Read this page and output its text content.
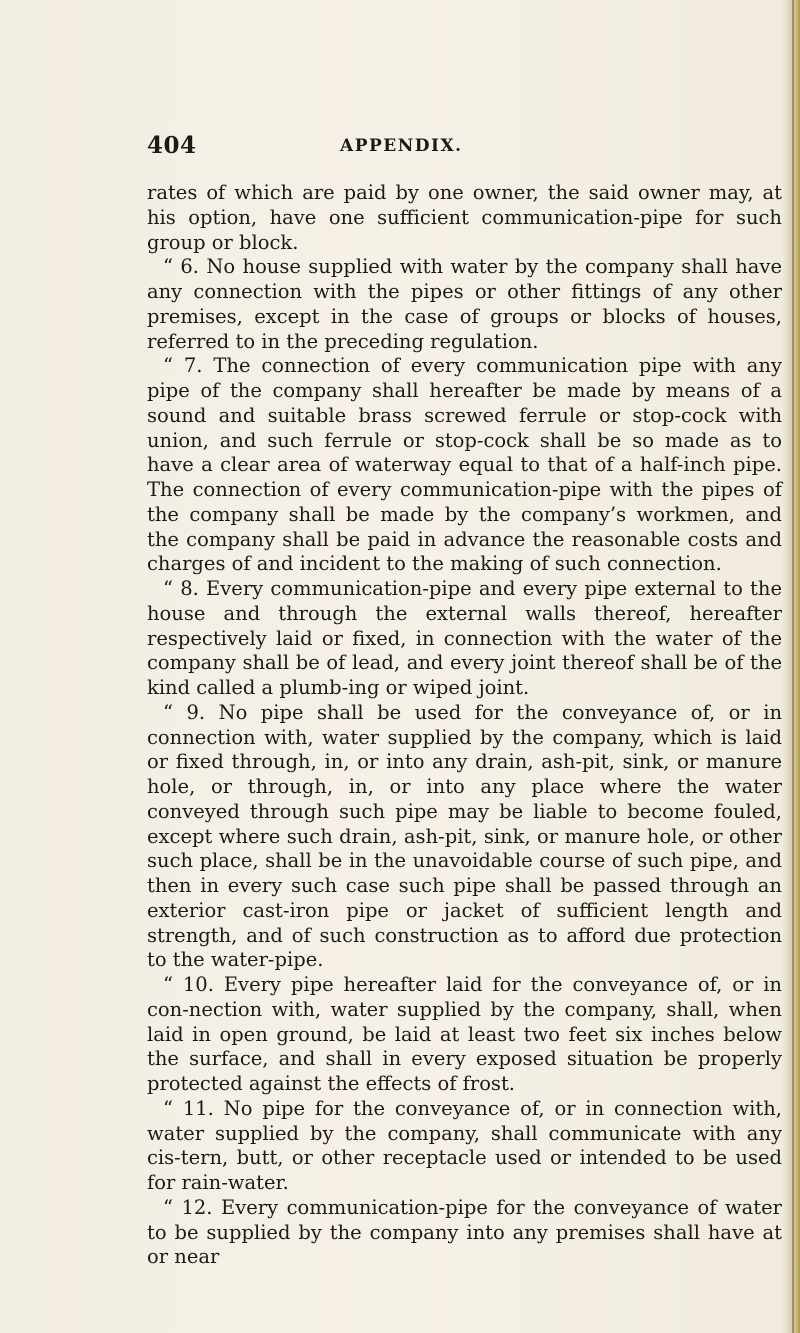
404	APPENDIX.

rates of which are paid by one owner, the said owner may, at his option, have one sufficient communication-pipe for such group or block.

“ 6. No house supplied with water by the company shall have any connection with the pipes or other fittings of any other premises, except in the case of groups or blocks of houses, referred to in the preceding regulation.

“ 7. The connection of every communication pipe with any pipe of the company shall hereafter be made by means of a sound and suitable brass screwed ferrule or stop-cock with union, and such ferrule or stop-cock shall be so made as to have a clear area of waterway equal to that of a half-inch pipe. The connection of every communication-pipe with the pipes of the company shall be made by the company’s workmen, and the company shall be paid in advance the reasonable costs and charges of and incident to the making of such connection.

“ 8. Every communication-pipe and every pipe external to the house and through the external walls thereof, hereafter respectively laid or fixed, in connection with the water of the company shall be of lead, and every joint thereof shall be of the kind called a plumb-ing or wiped joint.

“ 9. No pipe shall be used for the conveyance of, or in connection with, water supplied by the company, which is laid or fixed through, in, or into any drain, ash-pit, sink, or manure hole, or through, in, or into any place where the water conveyed through such pipe may be liable to become fouled, except where such drain, ash-pit, sink, or manure hole, or other such place, shall be in the unavoidable course of such pipe, and then in every such case such pipe shall be passed through an exterior cast-iron pipe or jacket of sufficient length and strength, and of such construction as to afford due protection to the water-pipe.

“ 10. Every pipe hereafter laid for the conveyance of, or in con-nection with, water supplied by the company, shall, when laid in open ground, be laid at least two feet six inches below the surface, and shall in every exposed situation be properly protected against the effects of frost.

“ 11. No pipe for the conveyance of, or in connection with, water supplied by the company, shall communicate with any cis-tern, butt, or other receptacle used or intended to be used for rain-water.

“ 12. Every communication-pipe for the conveyance of water to be supplied by the company into any premises shall have at or near
